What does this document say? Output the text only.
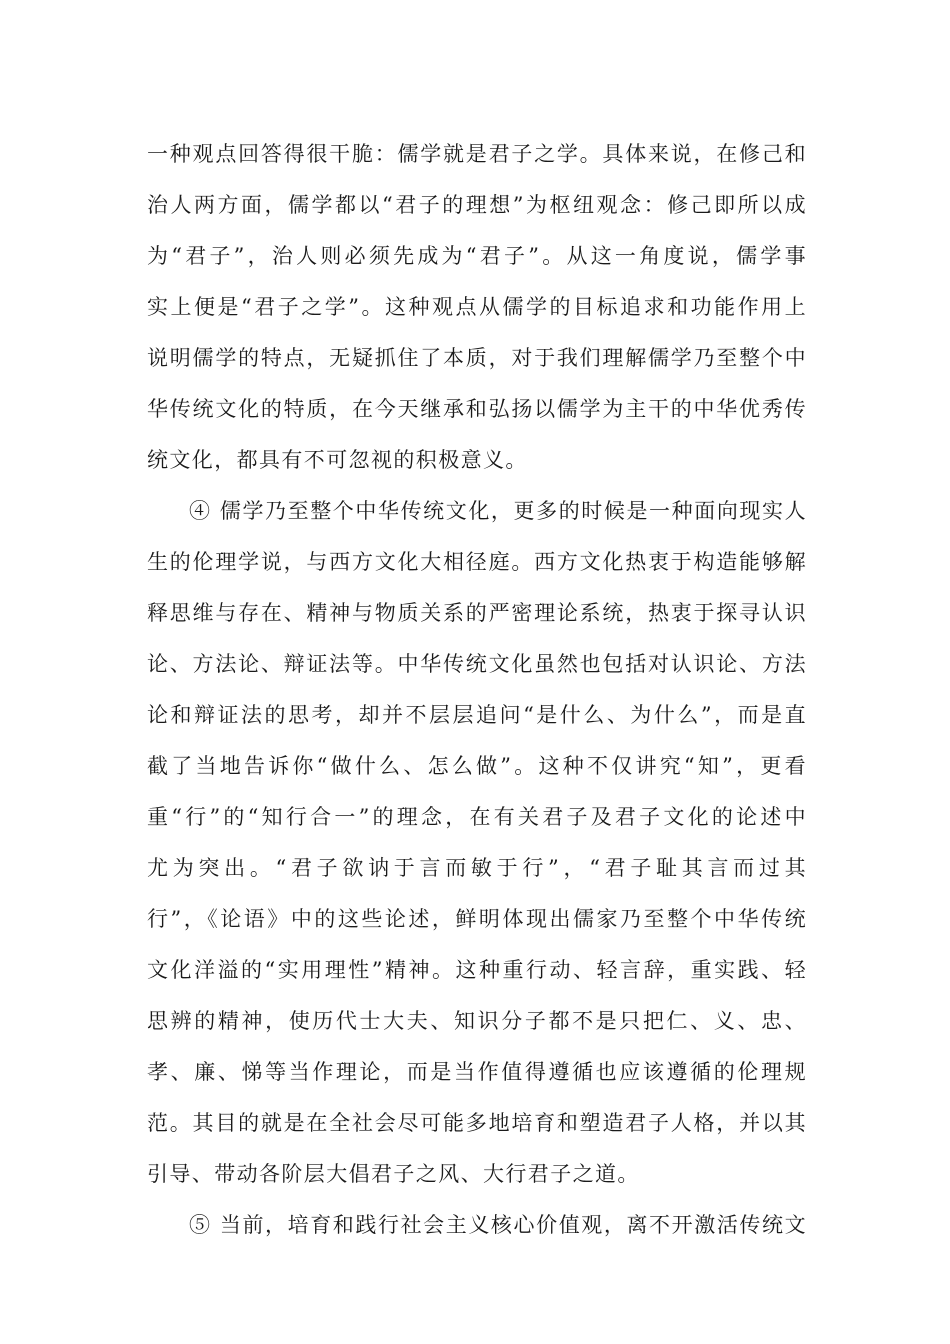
一种观点回答得很干脆：儒学就是君子之学。具体来说，在修己和
治人两方面，儒学都以“君子的理想”为枢纽观念：修己即所以成
为“君子”，治人则必须先成为“君子”。从这一角度说，儒学事
实上便是“君子之学”。这种观点从儒学的目标追求和功能作用上
说明儒学的特点，无疑抓住了本质，对于我们理解儒学乃至整个中
华传统文化的特质，在今天继承和弘扬以儒学为主干的中华优秀传
统文化，都具有不可忽视的积极意义。
④ 儒学乃至整个中华传统文化，更多的时候是一种面向现实人
生的伦理学说，与西方文化大相径庭。西方文化热衷于构造能够解
释思维与存在、精神与物质关系的严密理论系统，热衷于探寻认识
论、方法论、辩证法等。中华传统文化虽然也包括对认识论、方法
论和辩证法的思考，却并不层层追问“是什么、为什么”，而是直
截了当地告诉你“做什么、怎么做”。这种不仅讲究“知”，更看
重“行”的“知行合一”的理念，在有关君子及君子文化的论述中
尤为突出。“君子欲讷于言而敏于行”，“君子耻其言而过其
行”，《论语》中的这些论述，鲜明体现出儒家乃至整个中华传统
文化洋溢的“实用理性”精神。这种重行动、轻言辞，重实践、轻
思辨的精神，使历代士大夫、知识分子都不是只把仁、义、忠、
孝、廉、悌等当作理论，而是当作值得遵循也应该遵循的伦理规
范。其目的就是在全社会尽可能多地培育和塑造君子人格，并以其
引导、带动各阶层大倡君子之风、大行君子之道。
⑤ 当前，培育和践行社会主义核心价值观，离不开激活传统文
